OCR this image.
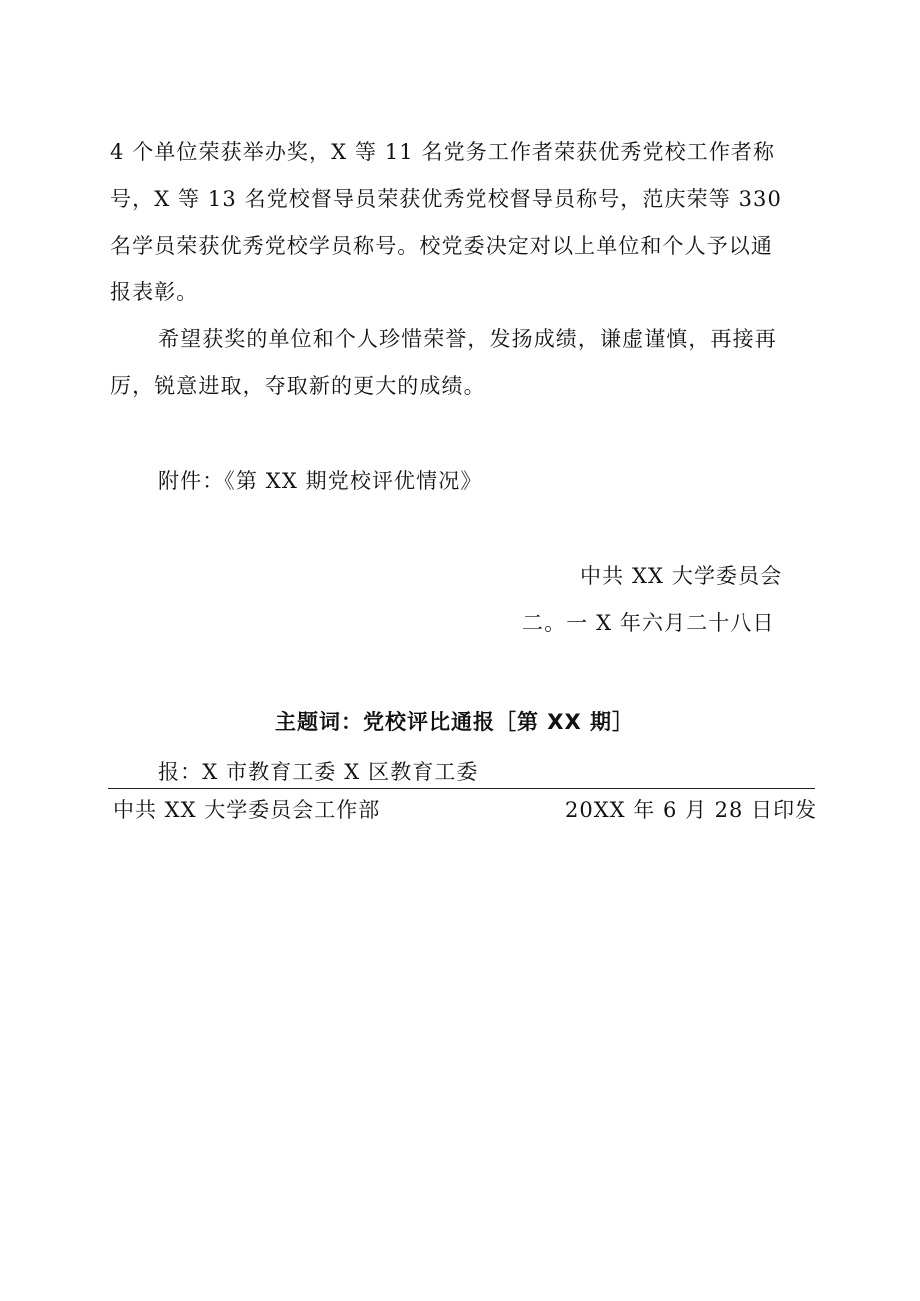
4 个单位荣获举办奖，X 等 11 名党务工作者荣获优秀党校工作者称
号，X 等 13 名党校督导员荣获优秀党校督导员称号，范庆荣等 330
名学员荣获优秀党校学员称号。校党委决定对以上单位和个人予以通
报表彰。
希望获奖的单位和个人珍惜荣誉，发扬成绩，谦虚谨慎，再接再
厉，锐意进取，夺取新的更大的成绩。
附件：《第 XX 期党校评优情况》
中共 XX 大学委员会
二。一 X 年六月二十八日
主题词：党校评比通报［第 XX 期］
报：X 市教育工委 X 区教育工委
中共 XX 大学委员会工作部	20XX 年 6 月 28 日印发
